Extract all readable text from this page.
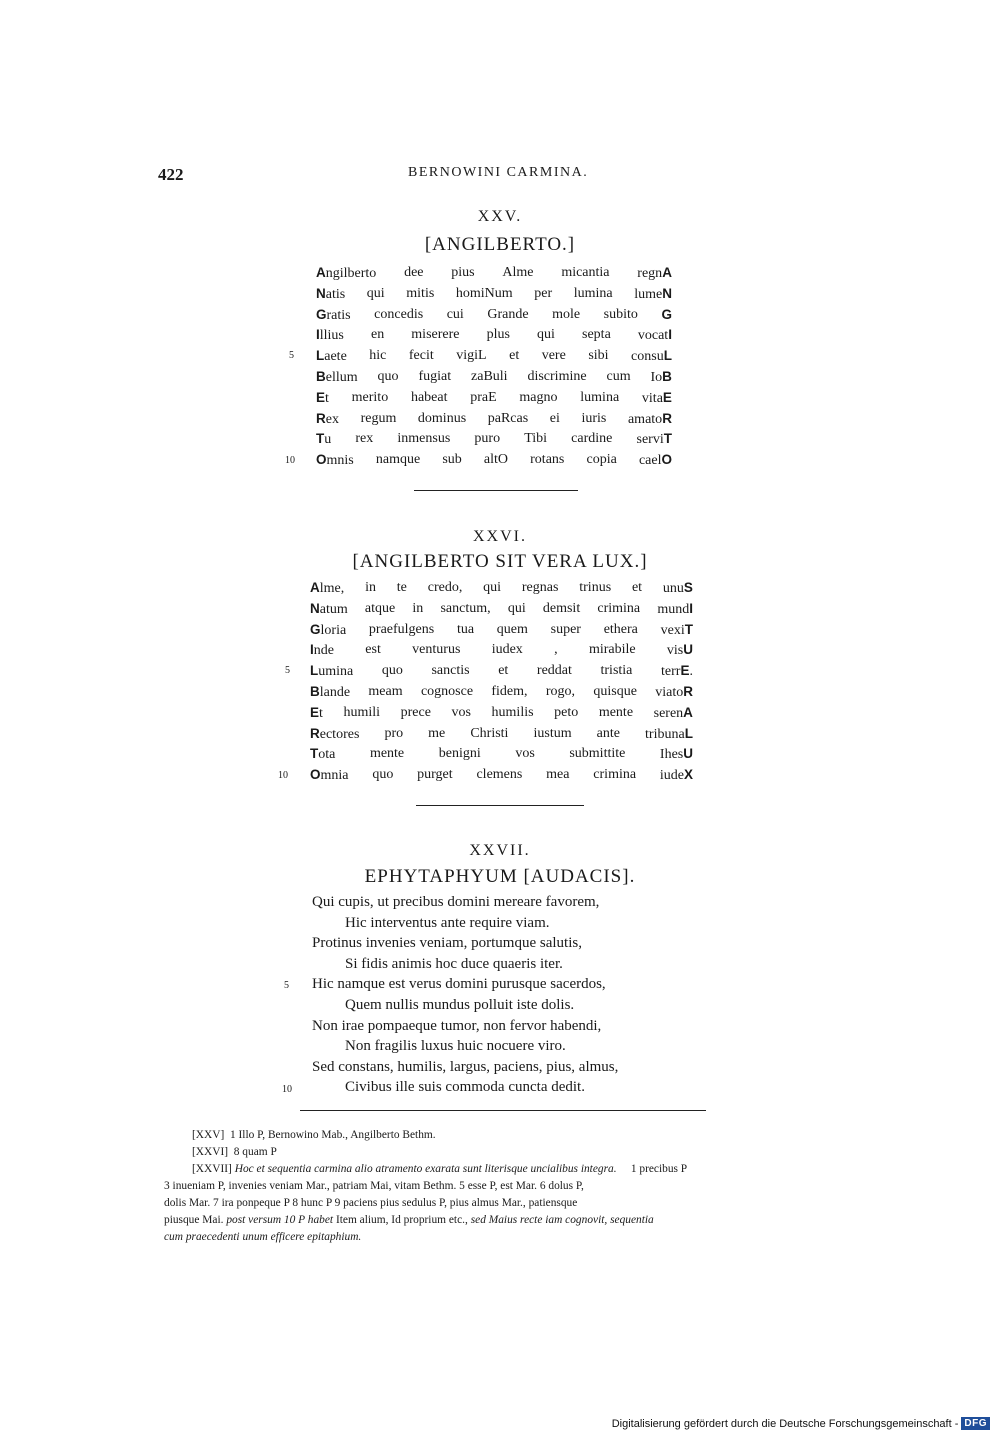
422	BERNOWINI CARMINA.
XXV.
[ANGILBERTO.]
Angilberto dee pius Alme micantia regnA
Natis qui mitis homiNum per lumina lumeN
Gratis concedis cui Grande mole subito G
Illius en miserere plus qui septa vocatI
Laete hic fecit vigiL et vere sibi consuL
Bellum quo fugiat zaBuli discrimine cum IoB
Et merito habeat praE magno lumina vitaE
Rex regum dominus paRcas ei iuris amatoR
Tu rex inmensus puro Tibi cardine serviT
Omnis namque sub altO rotans copia caelO
5
10
XXVI.
[ANGILBERTO SIT VERA LUX.]
Alme, in te credo, qui regnas trinus et unuS
Natum atque in sanctum, qui demsit crimina mundI
Gloria praefulgens tua quem super ethera vexiT
Inde est venturus iudex , mirabile visU
Lumina quo sanctis et reddat tristia terrE.
Blande meam cognosce fidem, rogo, quisque viatoR
Et humili prece vos humilis peto mente serenA
Rectores pro me Christi iustum ante tribunaL
Tota mente benigni vos submittite IhesU
Omnia quo purget clemens mea crimina iudeX
5
10
XXVII.
EPHYTAPHYUM [AUDACIS].
Qui cupis, ut precibus domini mereare favorem,
Hic interventus ante require viam.
Protinus invenies veniam, portumque salutis,
Si fidis animis hoc duce quaeris iter.
Hic namque est verus domini purusque sacerdos,
Quem nullis mundus polluit iste dolis.
Non irae pompaeque tumor, non fervor habendi,
Non fragilis luxus huic nocuere viro.
Sed constans, humilis, largus, paciens, pius, almus,
Civibus ille suis commoda cuncta dedit.
5
10

[XXV] 1 Illo P, Bernowino Mab., Angilberto Bethm.

[XXVI] 8 quam P

[XXVII] Hoc et sequentia carmina alio atramento exarata sunt literisque uncialibus integra. 1 precibus P

3 inueniam P, invenies veniam Mar., patriam Mai, vitam Bethm. 5 esse P, est Mar. 6 dolus P,

dolis Mar. 7 ira ponpeque P 8 hunc P 9 paciens pius sedulus P, pius almus Mar., patiensque

piusque Mai. post versum 10 P habet Item alium, Id proprium etc., sed Maius recte iam cognovit, sequentia

cum praecedenti unum efficere epitaphium.

Digitalisierung gefördert durch die Deutsche Forschungsgemeinschaft - DFG
